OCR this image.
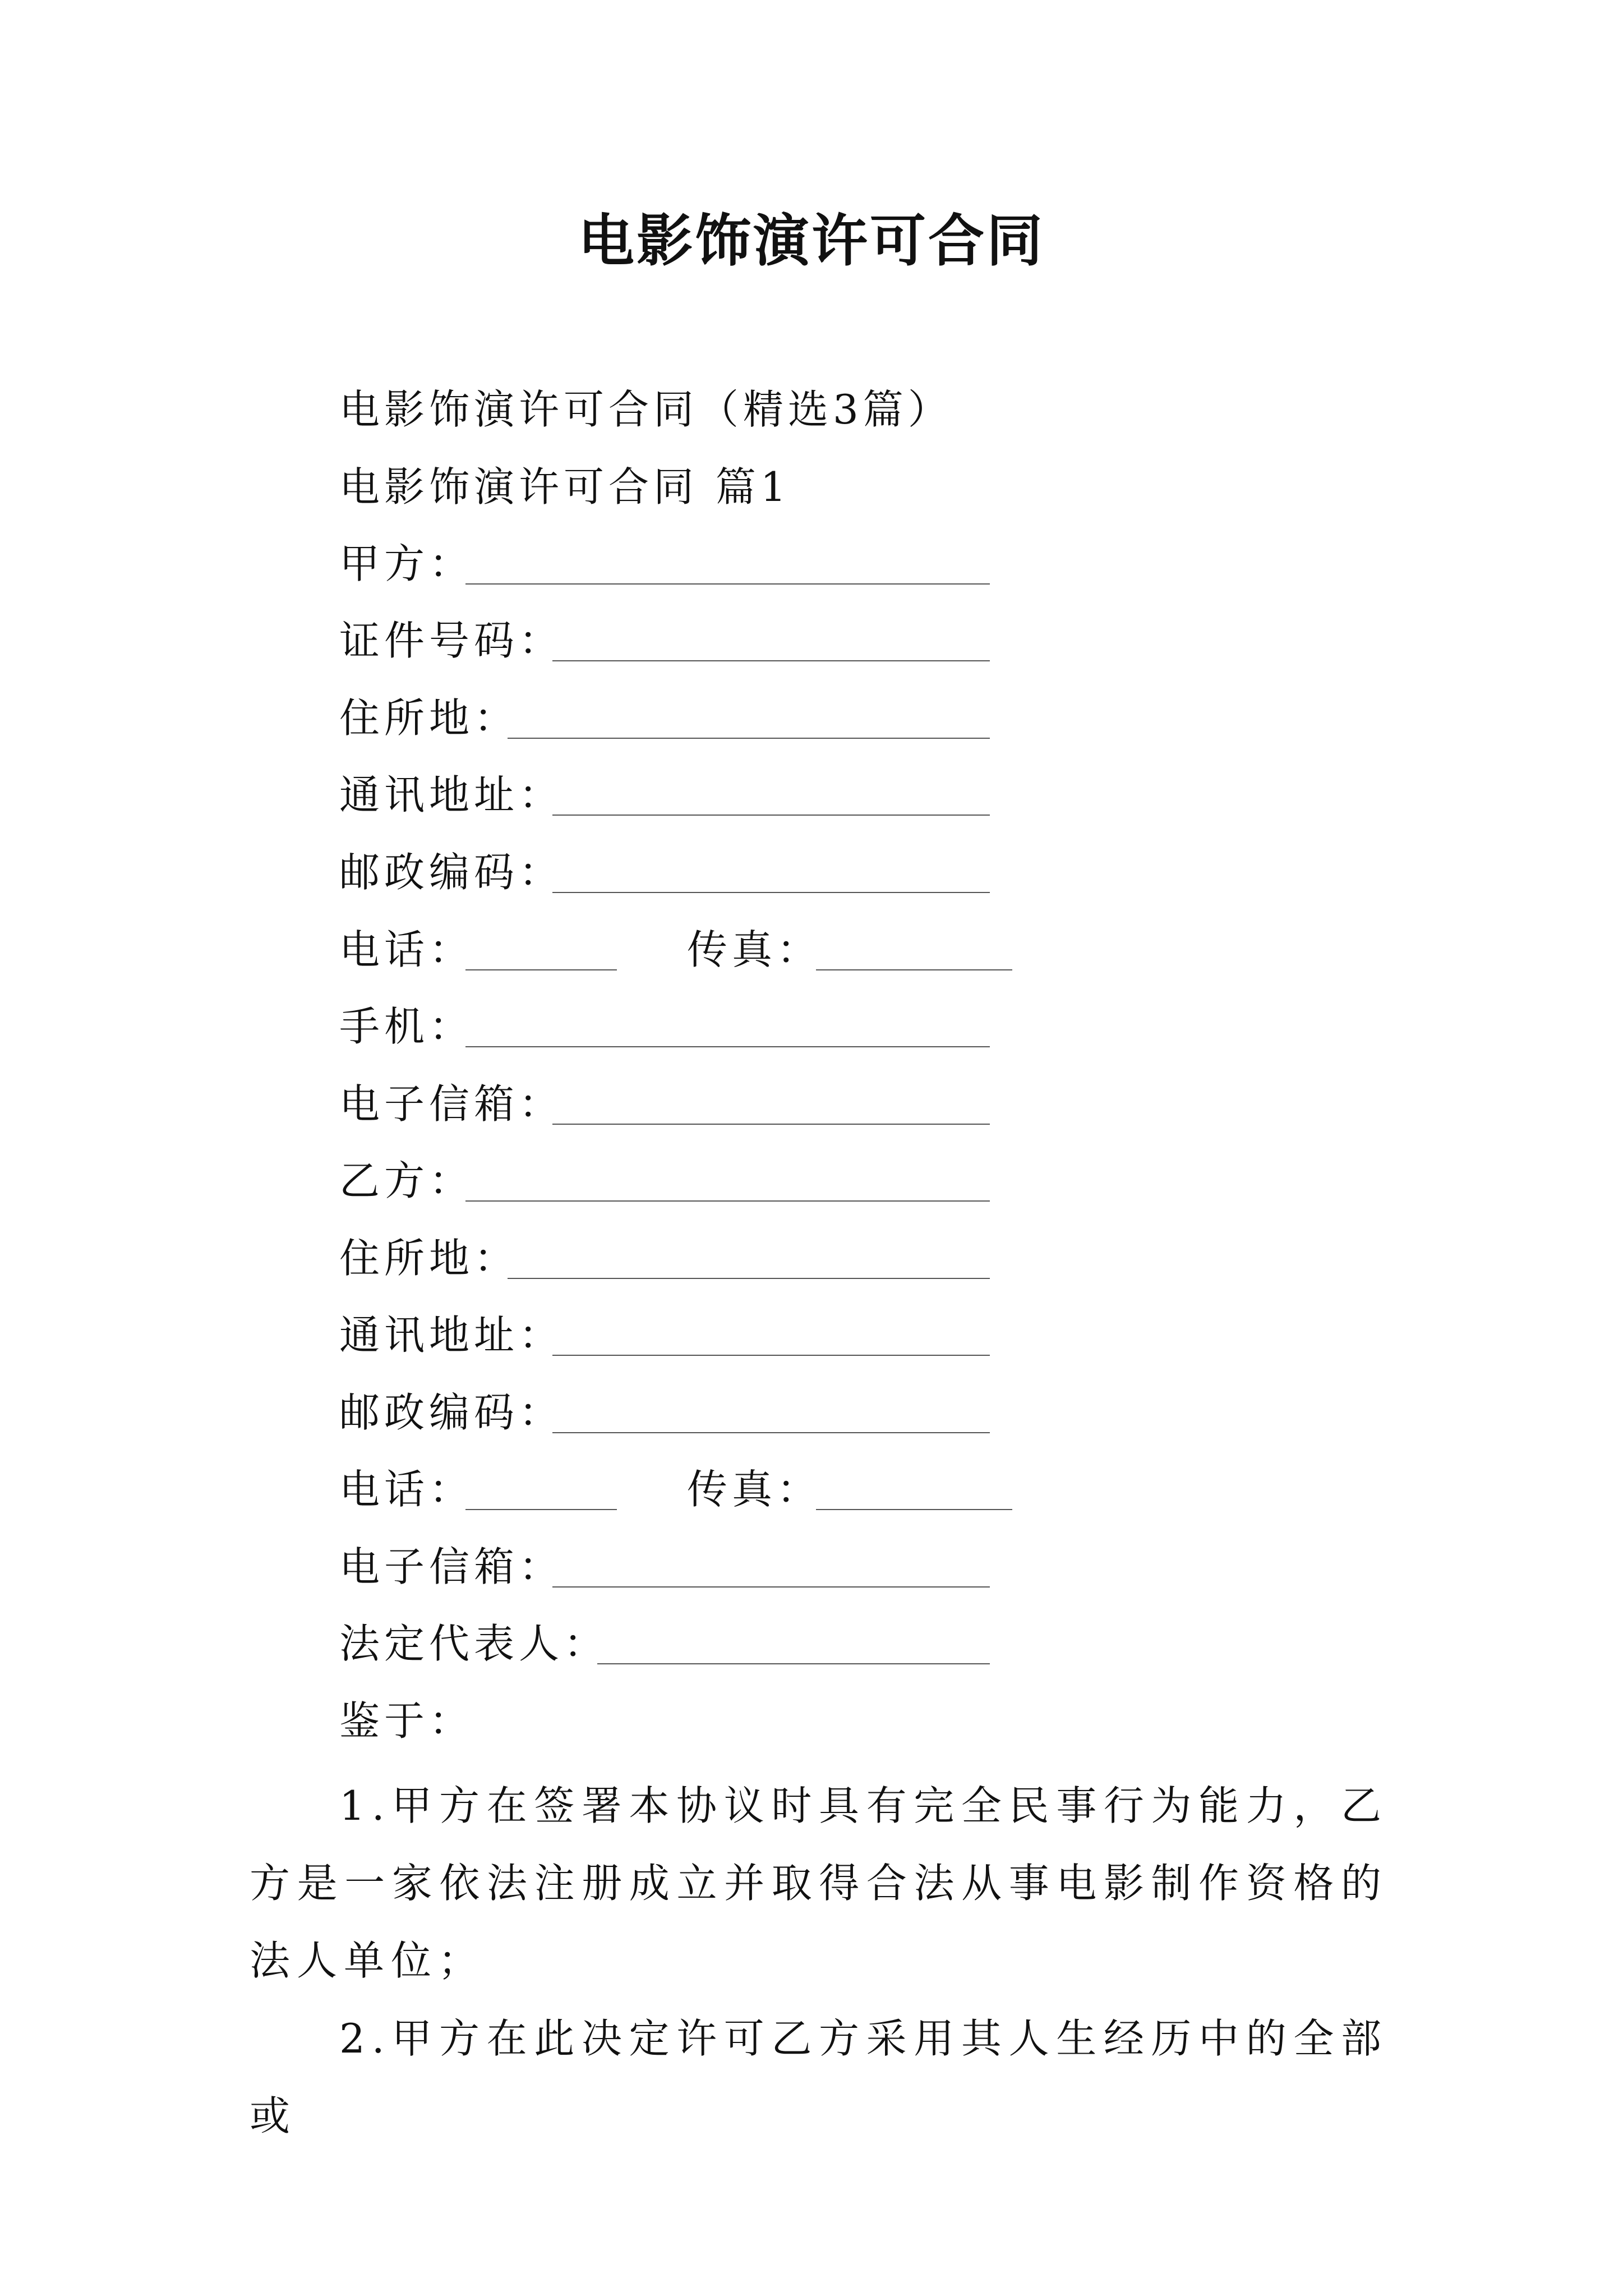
电影饰演许可合同
电影饰演许可合同（精选3篇）
电影饰演许可合同 篇1
甲方：
证件号码：
住所地：
通讯地址：
邮政编码：
电话：	传真：
手机：
电子信箱：
乙方：
住所地：
通讯地址：
邮政编码：
电话：	传真：
电子信箱：
法定代表人：
鉴于：
1.甲方在签署本协议时具有完全民事行为能力，乙方是一家依法注册成立并取得合法从事电影制作资格的法人单位；
2.甲方在此决定许可乙方采用其人生经历中的全部或
